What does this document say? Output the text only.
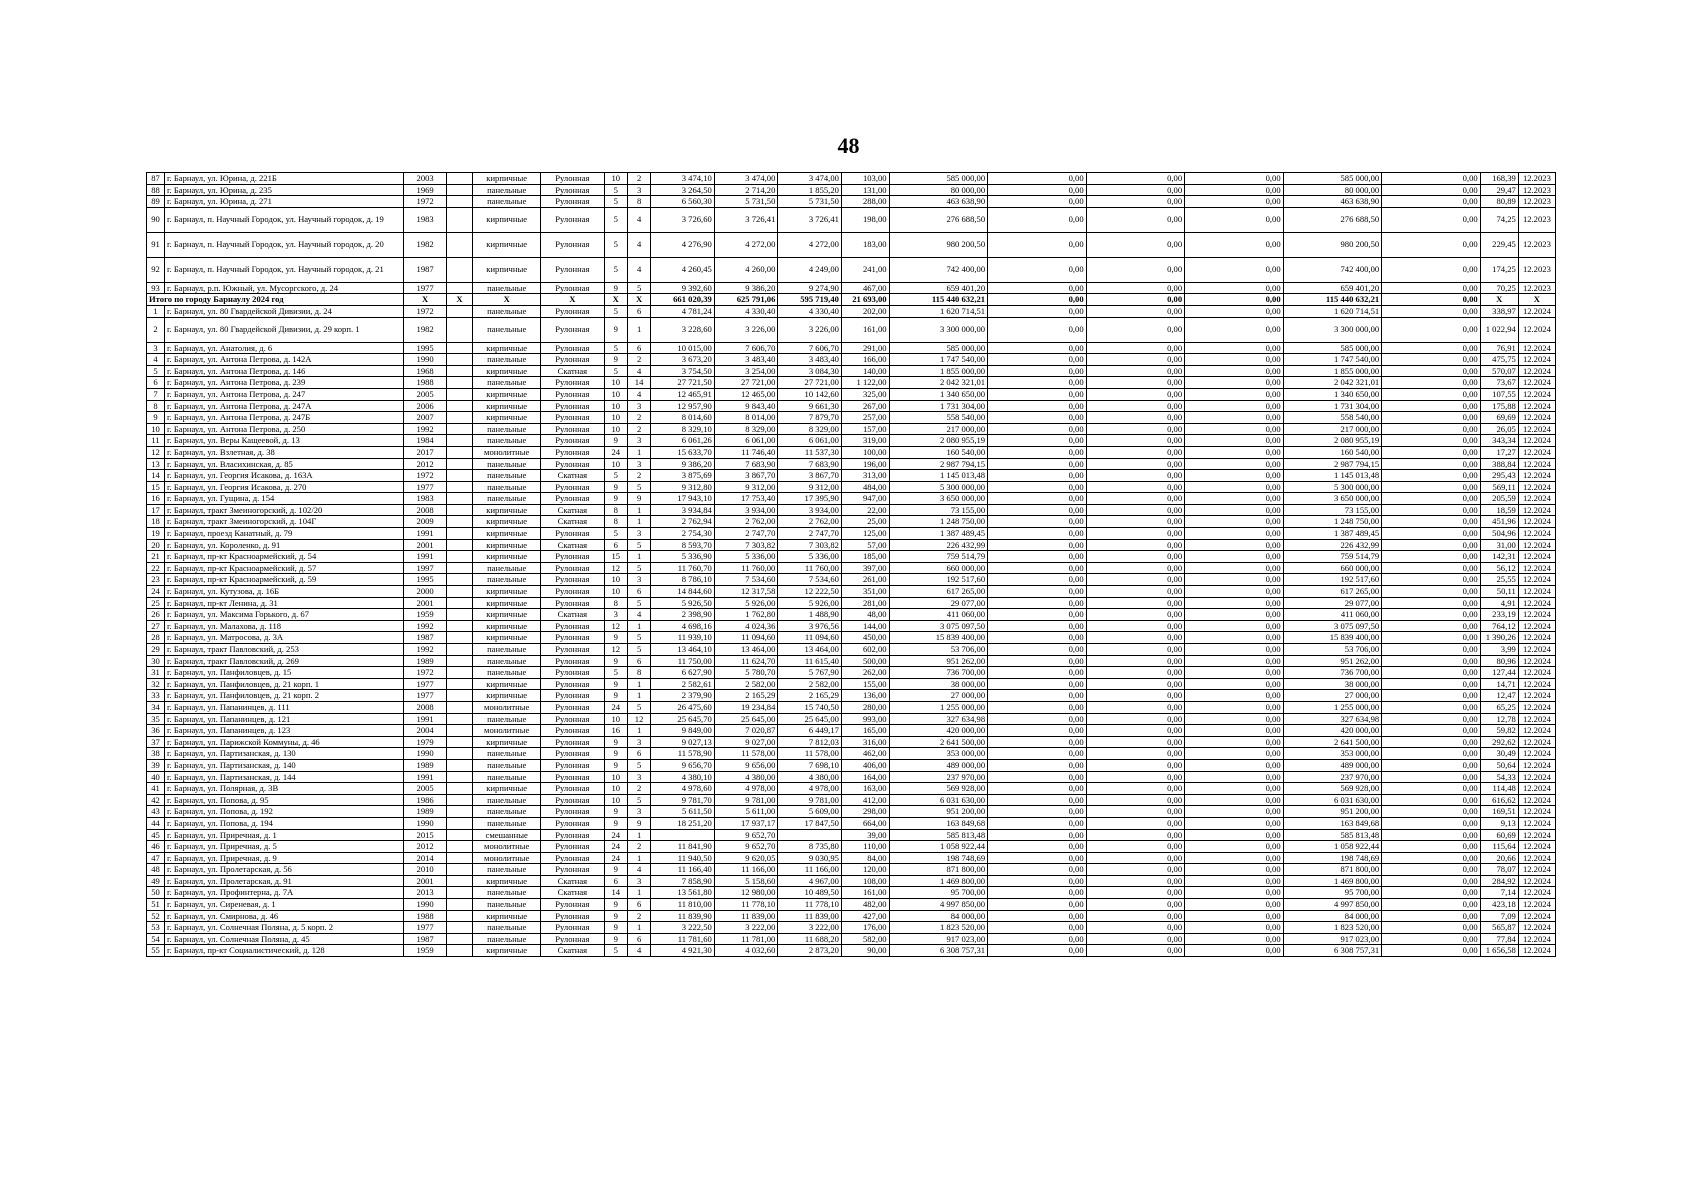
48
87	г. Барнаул, ул. Юрина, д. 221Б	2003		кирпичные	Рулонная	10	2	3 474,10	3 474,00	3 474,00	103,00	585 000,00	0,00	0,00	0,00	585 000,00	0,00	168,39	12.2023
88	г. Барнаул, ул. Юрина, д. 235	1969		панельные	Рулонная	5	3	3 264,50	2 714,20	1 855,20	131,00	80 000,00	0,00	0,00	0,00	80 000,00	0,00	29,47	12.2023
89	г. Барнаул, ул. Юрина, д. 271	1972		панельные	Рулонная	5	8	6 560,30	5 731,50	5 731,50	288,00	463 638,90	0,00	0,00	0,00	463 638,90	0,00	80,89	12.2023
90	г. Барнаул, п. Научный Городок, ул. Научный городок, д. 19	1983		кирпичные	Рулонная	5	4	3 726,60	3 726,41	3 726,41	198,00	276 688,50	0,00	0,00	0,00	276 688,50	0,00	74,25	12.2023
91	г. Барнаул, п. Научный Городок, ул. Научный городок, д. 20	1982		кирпичные	Рулонная	5	4	4 276,90	4 272,00	4 272,00	183,00	980 200,50	0,00	0,00	0,00	980 200,50	0,00	229,45	12.2023
92	г. Барнаул, п. Научный Городок, ул. Научный городок, д. 21	1987		кирпичные	Рулонная	5	4	4 260,45	4 260,00	4 249,00	241,00	742 400,00	0,00	0,00	0,00	742 400,00	0,00	174,25	12.2023
93	г. Барнаул, р.п. Южный, ул. Мусоргского, д. 24	1977		панельные	Рулонная	9	5	9 392,60	9 386,20	9 274,90	467,00	659 401,20	0,00	0,00	0,00	659 401,20	0,00	70,25	12.2023
Итого по городу Барнаулу 2024 год		X	X	X	X	X	X	661 020,39	625 791,06	595 719,40	21 693,00	115 440 632,21	0,00	0,00	0,00	115 440 632,21	0,00	X	X
1	г. Барнаул, ул. 80 Гвардейской Дивизии, д. 24	1972		панельные	Рулонная	5	6	4 781,24	4 330,40	4 330,40	202,00	1 620 714,51	0,00	0,00	0,00	1 620 714,51	0,00	338,97	12.2024
2	г. Барнаул, ул. 80 Гвардейской Дивизии, д. 29 корп. 1	1982		панельные	Рулонная	9	1	3 228,60	3 226,00	3 226,00	161,00	3 300 000,00	0,00	0,00	0,00	3 300 000,00	0,00	1 022,94	12.2024
3	г. Барнаул, ул. Анатолия, д. 6	1995		кирпичные	Рулонная	5	6	10 015,00	7 606,70	7 606,70	291,00	585 000,00	0,00	0,00	0,00	585 000,00	0,00	76,91	12.2024
4	г. Барнаул, ул. Антона Петрова, д. 142А	1990		панельные	Рулонная	9	2	3 673,20	3 483,40	3 483,40	166,00	1 747 540,00	0,00	0,00	0,00	1 747 540,00	0,00	475,75	12.2024
5	г. Барнаул, ул. Антона Петрова, д. 146	1968		кирпичные	Скатная	5	4	3 754,50	3 254,00	3 084,30	140,00	1 855 000,00	0,00	0,00	0,00	1 855 000,00	0,00	570,07	12.2024
6	г. Барнаул, ул. Антона Петрова, д. 239	1988		панельные	Рулонная	10	14	27 721,50	27 721,00	27 721,00	1 122,00	2 042 321,01	0,00	0,00	0,00	2 042 321,01	0,00	73,67	12.2024
7	г. Барнаул, ул. Антона Петрова, д. 247	2005		кирпичные	Рулонная	10	4	12 465,91	12 465,00	10 142,60	325,00	1 340 650,00	0,00	0,00	0,00	1 340 650,00	0,00	107,55	12.2024
8	г. Барнаул, ул. Антона Петрова, д. 247А	2006		кирпичные	Рулонная	10	3	12 957,90	9 843,40	9 661,30	267,00	1 731 304,00	0,00	0,00	0,00	1 731 304,00	0,00	175,88	12.2024
9	г. Барнаул, ул. Антона Петрова, д. 247Б	2007		кирпичные	Рулонная	10	2	8 014,60	8 014,00	7 879,70	257,00	558 540,00	0,00	0,00	0,00	558 540,00	0,00	69,69	12.2024
10	г. Барнаул, ул. Антона Петрова, д. 250	1992		панельные	Рулонная	10	2	8 329,10	8 329,00	8 329,00	157,00	217 000,00	0,00	0,00	0,00	217 000,00	0,00	26,05	12.2024
11	г. Барнаул, ул. Веры Кащеевой, д. 13	1984		панельные	Рулонная	9	3	6 061,26	6 061,00	6 061,00	319,00	2 080 955,19	0,00	0,00	0,00	2 080 955,19	0,00	343,34	12.2024
12	г. Барнаул, ул. Взлетная, д. 38	2017		монолитные	Рулонная	24	1	15 633,70	11 746,40	11 537,30	100,00	160 540,00	0,00	0,00	0,00	160 540,00	0,00	17,27	12.2024
13	г. Барнаул, ул. Власихинская, д. 85	2012		панельные	Рулонная	10	3	9 386,20	7 683,90	7 683,90	196,00	2 987 794,15	0,00	0,00	0,00	2 987 794,15	0,00	388,84	12.2024
14	г. Барнаул, ул. Георгия Исакова, д. 163А	1972		панельные	Скатная	5	2	3 875,69	3 867,70	3 867,70	313,00	1 145 013,48	0,00	0,00	0,00	1 145 013,48	0,00	295,43	12.2024
15	г. Барнаул, ул. Георгия Исакова, д. 270	1977		панельные	Рулонная	9	5	9 312,80	9 312,00	9 312,00	484,00	5 300 000,00	0,00	0,00	0,00	5 300 000,00	0,00	569,11	12.2024
16	г. Барнаул, ул. Гущина, д. 154	1983		панельные	Рулонная	9	9	17 943,10	17 753,40	17 395,90	947,00	3 650 000,00	0,00	0,00	0,00	3 650 000,00	0,00	205,59	12.2024
17	г. Барнаул, тракт Змеиногорский, д. 102/20	2008		кирпичные	Скатная	8	1	3 934,84	3 934,00	3 934,00	22,00	73 155,00	0,00	0,00	0,00	73 155,00	0,00	18,59	12.2024
18	г. Барнаул, тракт Змеиногорский, д. 104Г	2009		кирпичные	Скатная	8	1	2 762,94	2 762,00	2 762,00	25,00	1 248 750,00	0,00	0,00	0,00	1 248 750,00	0,00	451,96	12.2024
19	г. Барнаул, проезд Канатный, д. 79	1991		кирпичные	Рулонная	5	3	2 754,30	2 747,70	2 747,70	125,00	1 387 489,45	0,00	0,00	0,00	1 387 489,45	0,00	504,96	12.2024
20	г. Барнаул, ул. Короленко, д. 91	2001		кирпичные	Скатная	6	5	8 593,70	7 303,82	7 303,82	57,00	226 432,99	0,00	0,00	0,00	226 432,99	0,00	31,00	12.2024
21	г. Барнаул, пр-кт Красноармейский, д. 54	1991		кирпичные	Рулонная	15	1	5 336,90	5 336,00	5 336,00	185,00	759 514,79	0,00	0,00	0,00	759 514,79	0,00	142,31	12.2024
22	г. Барнаул, пр-кт Красноармейский, д. 57	1997		панельные	Рулонная	12	5	11 760,70	11 760,00	11 760,00	397,00	660 000,00	0,00	0,00	0,00	660 000,00	0,00	56,12	12.2024
23	г. Барнаул, пр-кт Красноармейский, д. 59	1995		панельные	Рулонная	10	3	8 786,10	7 534,60	7 534,60	261,00	192 517,60	0,00	0,00	0,00	192 517,60	0,00	25,55	12.2024
24	г. Барнаул, ул. Кутузова, д. 16Б	2000		кирпичные	Рулонная	10	6	14 844,60	12 317,58	12 222,50	351,00	617 265,00	0,00	0,00	0,00	617 265,00	0,00	50,11	12.2024
25	г. Барнаул, пр-кт Ленина, д. 31	2001		кирпичные	Рулонная	8	5	5 926,50	5 926,00	5 926,00	281,00	29 077,00	0,00	0,00	0,00	29 077,00	0,00	4,91	12.2024
26	г. Барнаул, ул. Максима Горького, д. 67	1959		кирпичные	Скатная	3	4	2 398,90	1 762,80	1 488,90	48,00	411 060,00	0,00	0,00	0,00	411 060,00	0,00	233,19	12.2024
27	г. Барнаул, ул. Малахова, д. 118	1992		кирпичные	Рулонная	12	1	4 698,16	4 024,36	3 976,56	144,00	3 075 097,50	0,00	0,00	0,00	3 075 097,50	0,00	764,12	12.2024
28	г. Барнаул, ул. Матросова, д. 3А	1987		кирпичные	Рулонная	9	5	11 939,10	11 094,60	11 094,60	450,00	15 839 400,00	0,00	0,00	0,00	15 839 400,00	0,00	1 390,26	12.2024
29	г. Барнаул, тракт Павловский, д. 253	1992		панельные	Рулонная	12	5	13 464,10	13 464,00	13 464,00	602,00	53 706,00	0,00	0,00	0,00	53 706,00	0,00	3,99	12.2024
30	г. Барнаул, тракт Павловский, д. 269	1989		панельные	Рулонная	9	6	11 750,00	11 624,70	11 615,40	500,00	951 262,00	0,00	0,00	0,00	951 262,00	0,00	80,96	12.2024
31	г. Барнаул, ул. Панфиловцев, д. 15	1972		панельные	Рулонная	5	8	6 627,90	5 780,70	5 767,90	262,00	736 700,00	0,00	0,00	0,00	736 700,00	0,00	127,44	12.2024
32	г. Барнаул, ул. Панфиловцев, д. 21 корп. 1	1977		кирпичные	Рулонная	9	1	2 582,61	2 582,00	2 582,00	155,00	38 000,00	0,00	0,00	0,00	38 000,00	0,00	14,71	12.2024
33	г. Барнаул, ул. Панфиловцев, д. 21 корп. 2	1977		кирпичные	Рулонная	9	1	2 379,90	2 165,29	2 165,29	136,00	27 000,00	0,00	0,00	0,00	27 000,00	0,00	12,47	12.2024
34	г. Барнаул, ул. Папанинцев, д. 111	2008		монолитные	Рулонная	24	5	26 475,60	19 234,84	15 740,50	280,00	1 255 000,00	0,00	0,00	0,00	1 255 000,00	0,00	65,25	12.2024
35	г. Барнаул, ул. Папанинцев, д. 121	1991		панельные	Рулонная	10	12	25 645,70	25 645,00	25 645,00	993,00	327 634,98	0,00	0,00	0,00	327 634,98	0,00	12,78	12.2024
36	г. Барнаул, ул. Папанинцев, д. 123	2004		монолитные	Рулонная	16	1	9 849,00	7 020,87	6 449,17	165,00	420 000,00	0,00	0,00	0,00	420 000,00	0,00	59,82	12.2024
37	г. Барнаул, ул. Парижской Коммуны, д. 46	1979		кирпичные	Рулонная	9	3	9 027,13	9 027,00	7 812,03	316,00	2 641 500,00	0,00	0,00	0,00	2 641 500,00	0,00	292,62	12.2024
38	г. Барнаул, ул. Партизанская, д. 130	1990		панельные	Рулонная	9	6	11 578,90	11 578,00	11 578,00	462,00	353 000,00	0,00	0,00	0,00	353 000,00	0,00	30,49	12.2024
39	г. Барнаул, ул. Партизанская, д. 140	1989		панельные	Рулонная	9	5	9 656,70	9 656,00	7 698,10	406,00	489 000,00	0,00	0,00	0,00	489 000,00	0,00	50,64	12.2024
40	г. Барнаул, ул. Партизанская, д. 144	1991		панельные	Рулонная	10	3	4 380,10	4 380,00	4 380,00	164,00	237 970,00	0,00	0,00	0,00	237 970,00	0,00	54,33	12.2024
41	г. Барнаул, ул. Полярная, д. 3В	2005		кирпичные	Рулонная	10	2	4 978,60	4 978,00	4 978,00	163,00	569 928,00	0,00	0,00	0,00	569 928,00	0,00	114,48	12.2024
42	г. Барнаул, ул. Попова, д. 95	1986		панельные	Рулонная	10	5	9 781,70	9 781,00	9 781,00	412,00	6 031 630,00	0,00	0,00	0,00	6 031 630,00	0,00	616,62	12.2024
43	г. Барнаул, ул. Попова, д. 192	1989		панельные	Рулонная	9	3	5 611,50	5 611,00	5 609,00	298,00	951 200,00	0,00	0,00	0,00	951 200,00	0,00	169,51	12.2024
44	г. Барнаул, ул. Попова, д. 194	1990		панельные	Рулонная	9	9	18 251,20	17 937,17	17 847,50	664,00	163 849,68	0,00	0,00	0,00	163 849,68	0,00	9,13	12.2024
45	г. Барнаул, ул. Приречная, д. 1	2015		смешанные	Рулонная	24	1		9 652,70		39,00	585 813,48	0,00	0,00	0,00	585 813,48	0,00	60,69	12.2024
46	г. Барнаул, ул. Приречная, д. 5	2012		монолитные	Рулонная	24	2	11 841,90	9 652,70	8 735,80	110,00	1 058 922,44	0,00	0,00	0,00	1 058 922,44	0,00	115,64	12.2024
47	г. Барнаул, ул. Приречная, д. 9	2014		монолитные	Рулонная	24	1	11 940,50	9 620,05	9 030,95	84,00	198 748,69	0,00	0,00	0,00	198 748,69	0,00	20,66	12.2024
48	г. Барнаул, ул. Пролетарская, д. 56	2010		панельные	Рулонная	9	4	11 166,40	11 166,00	11 166,00	120,00	871 800,00	0,00	0,00	0,00	871 800,00	0,00	78,07	12.2024
49	г. Барнаул, ул. Пролетарская, д. 91	2001		кирпичные	Скатная	6	3	7 858,90	5 158,60	4 967,00	108,00	1 469 800,00	0,00	0,00	0,00	1 469 800,00	0,00	284,92	12.2024
50	г. Барнаул, ул. Профинтерна, д. 7А	2013		панельные	Скатная	14	1	13 561,80	12 980,00	10 489,50	161,00	95 700,00	0,00	0,00	0,00	95 700,00	0,00	7,14	12.2024
51	г. Барнаул, ул. Сиреневая, д. 1	1990		панельные	Рулонная	9	6	11 810,00	11 778,10	11 778,10	482,00	4 997 850,00	0,00	0,00	0,00	4 997 850,00	0,00	423,18	12.2024
52	г. Барнаул, ул. Смирнова, д. 46	1988		кирпичные	Рулонная	9	2	11 839,90	11 839,00	11 839,00	427,00	84 000,00	0,00	0,00	0,00	84 000,00	0,00	7,09	12.2024
53	г. Барнаул, ул. Солнечная Поляна, д. 5 корп. 2	1977		панельные	Рулонная	9	1	3 222,50	3 222,00	3 222,00	176,00	1 823 520,00	0,00	0,00	0,00	1 823 520,00	0,00	565,87	12.2024
54	г. Барнаул, ул. Солнечная Поляна, д. 45	1987		панельные	Рулонная	9	6	11 781,60	11 781,00	11 688,20	582,00	917 023,00	0,00	0,00	0,00	917 023,00	0,00	77,84	12.2024
55	г. Барнаул, пр-кт Социалистический, д. 128	1959		кирпичные	Скатная	5	4	4 921,30	4 032,60	2 873,20	90,00	6 308 757,31	0,00	0,00	0,00	6 308 757,31	0,00	1 656,58	12.2024
